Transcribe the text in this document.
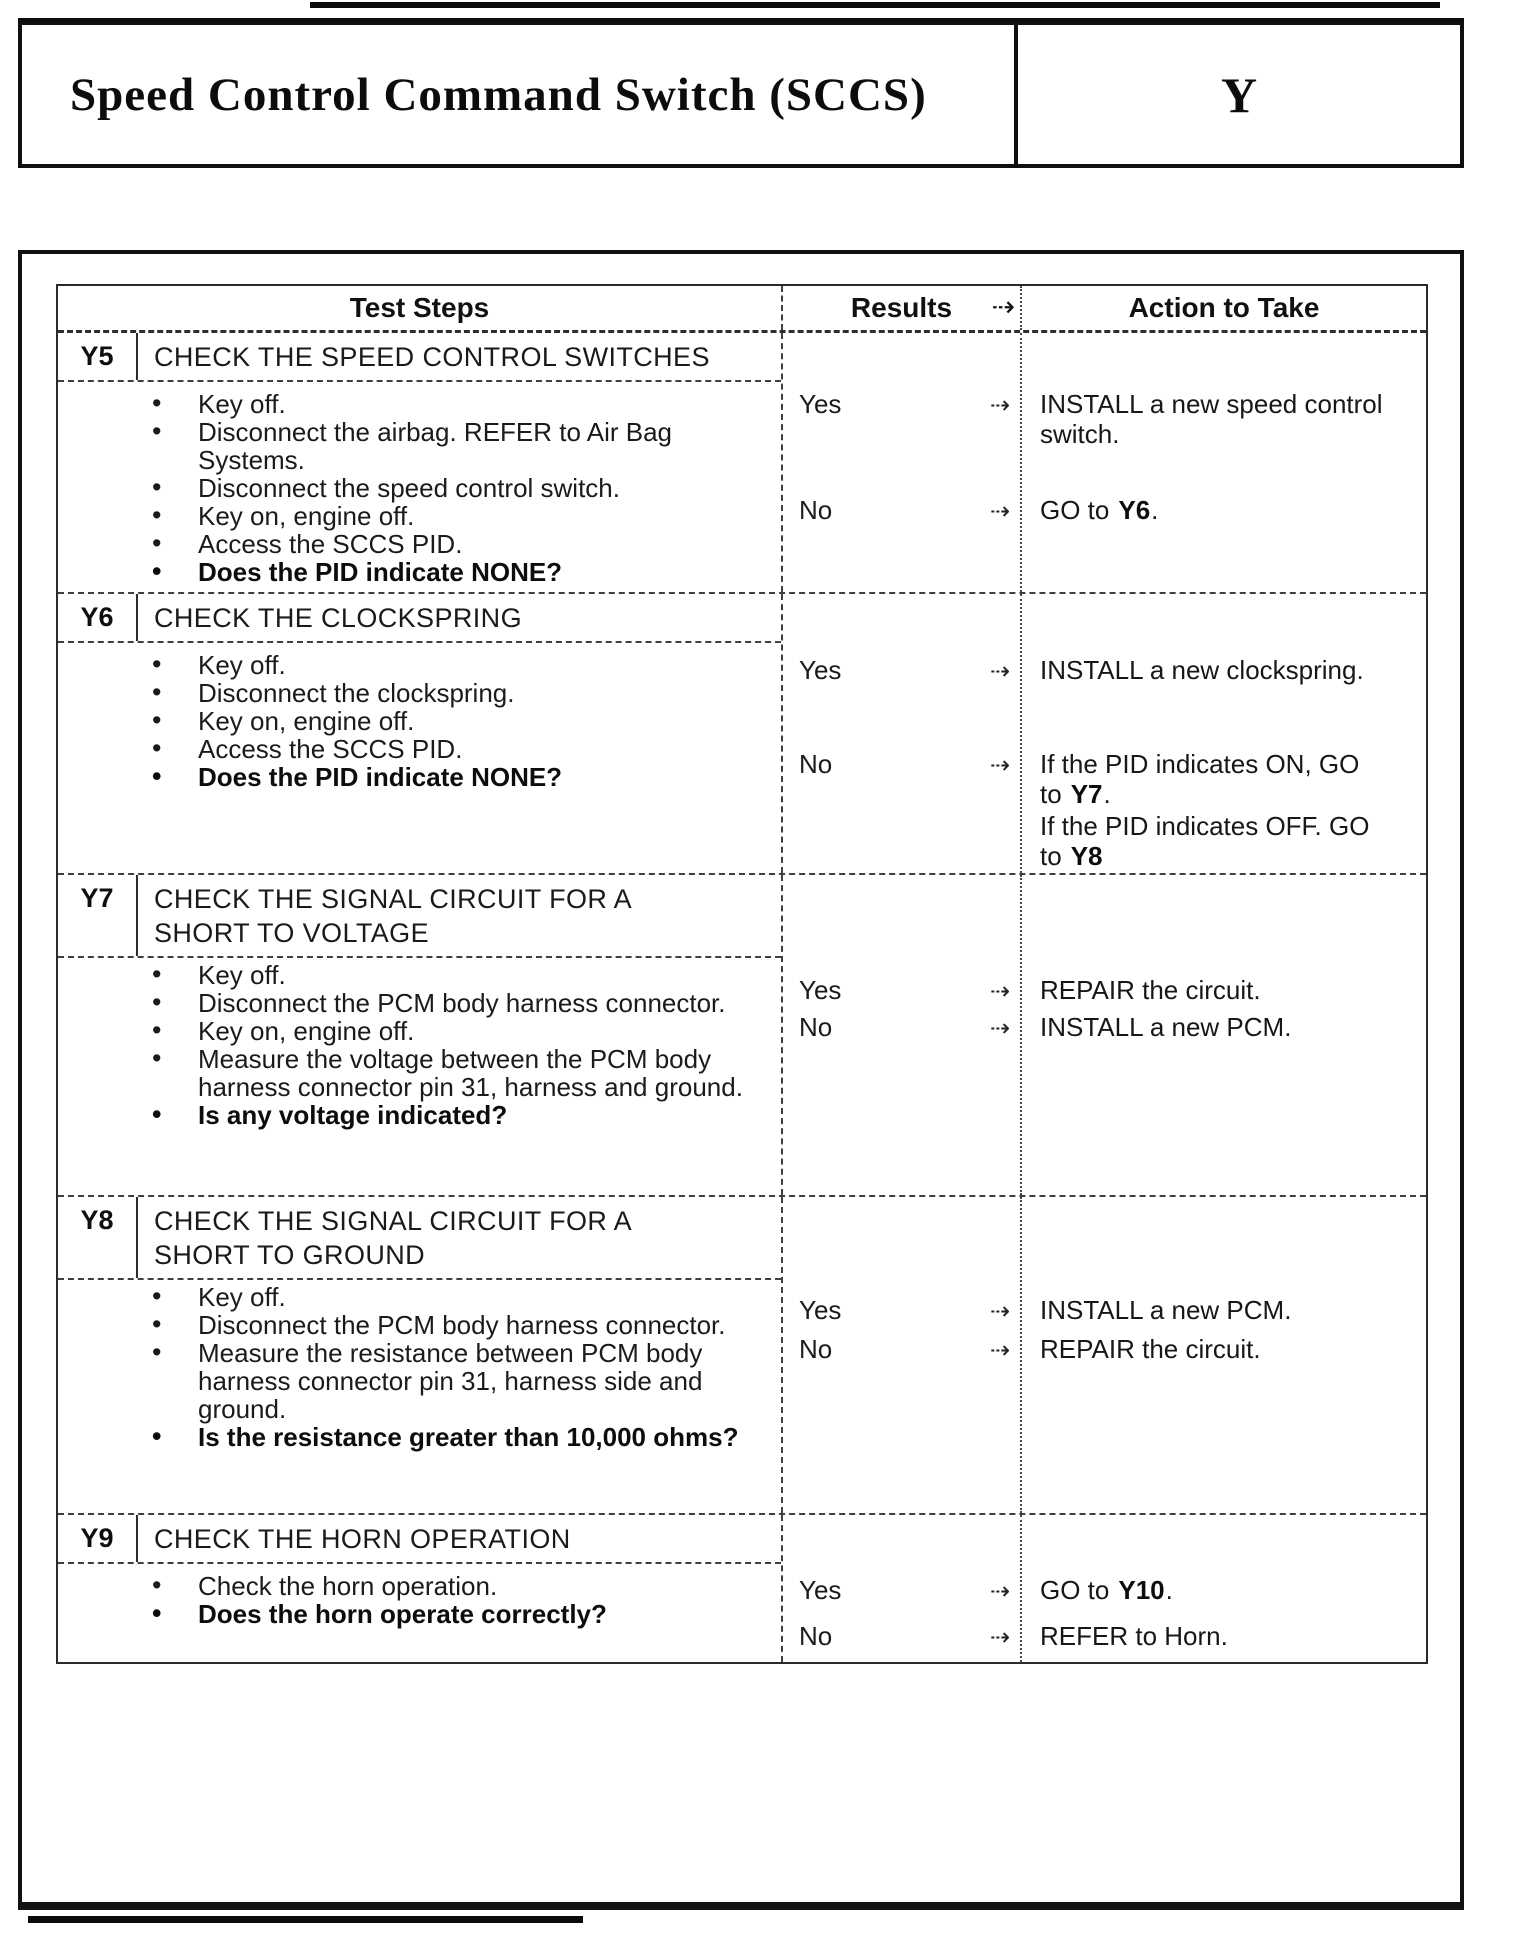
Speed Control Command Switch (SCCS)	Y
Test Steps	Results ⇢	Action to Take
Y5	CHECK THE SPEED CONTROL SWITCHES
• Key off.
• Disconnect the airbag. REFER to Air Bag Systems.
• Disconnect the speed control switch.
• Key on, engine off.
• Access the SCCS PID.
• Does the PID indicate NONE?
Yes	⇢	INSTALL a new speed control switch.

No	⇢	GO to Y6.

Y6	CHECK THE CLOCKSPRING
• Key off.
• Disconnect the clockspring.
• Key on, engine off.
• Access the SCCS PID.
• Does the PID indicate NONE?
Yes	⇢	INSTALL a new clockspring.

No	⇢	If the PID indicates ON, GO to Y7.

If the PID indicates OFF. GO to Y8

Y7	CHECK THE SIGNAL CIRCUIT FOR A SHORT TO VOLTAGE
• Key off.
• Disconnect the PCM body harness connector.
• Key on, engine off.
• Measure the voltage between the PCM body harness connector pin 31, harness and ground.
• Is any voltage indicated?
Yes	⇢	REPAIR the circuit.

No	⇢	INSTALL a new PCM.

Y8	CHECK THE SIGNAL CIRCUIT FOR A SHORT TO GROUND
• Key off.
• Disconnect the PCM body harness connector.
• Measure the resistance between PCM body harness connector pin 31, harness side and ground.
• Is the resistance greater than 10,000 ohms?
Yes	⇢	INSTALL a new PCM.

No	⇢	REPAIR the circuit.

Y9	CHECK THE HORN OPERATION
• Check the horn operation.
• Does the horn operate correctly?
Yes	⇢	GO to Y10.

No	⇢	REFER to Horn.
